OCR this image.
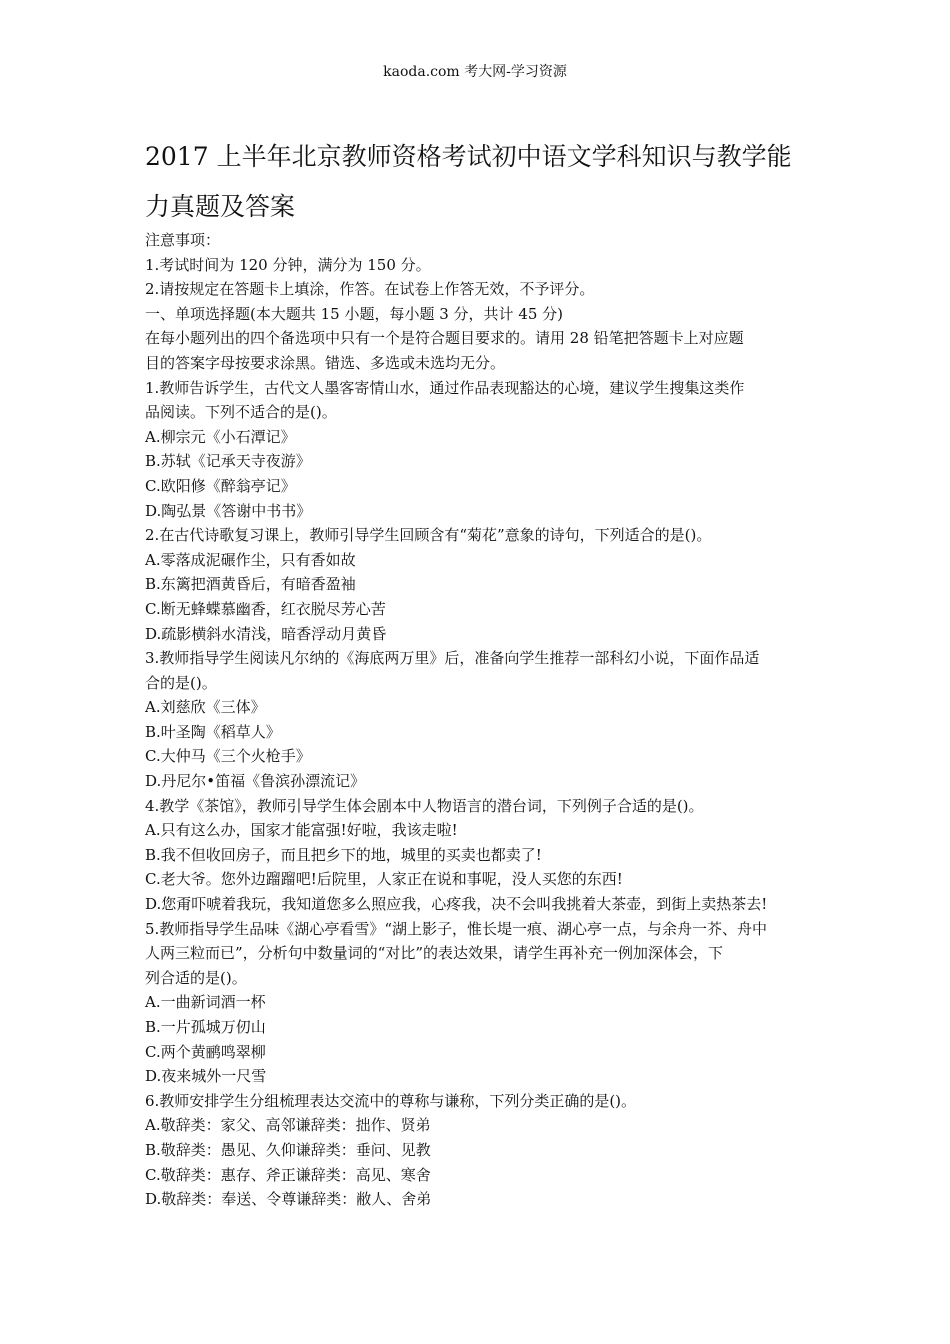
kaoda.com 考大网-学习资源
2017 上半年北京教师资格考试初中语文学科知识与教学能
力真题及答案

注意事项：

1.考试时间为 120 分钟，满分为 150 分。

2.请按规定在答题卡上填涂，作答。在试卷上作答无效，不予评分。

一、单项选择题(本大题共 15 小题，每小题 3 分，共计 45 分)

在每小题列出的四个备选项中只有一个是符合题目要求的。请用 28 铅笔把答题卡上对应题

目的答案字母按要求涂黑。错选、多选或未选均无分。

1.教师告诉学生，古代文人墨客寄情山水，通过作品表现豁达的心境，建议学生搜集这类作

品阅读。下列不适合的是()。

A.柳宗元《小石潭记》

B.苏轼《记承天寺夜游》

C.欧阳修《醉翁亭记》

D.陶弘景《答谢中书书》

2.在古代诗歌复习课上，教师引导学生回顾含有“菊花”意象的诗句，下列适合的是()。

A.零落成泥碾作尘，只有香如故

B.东篱把酒黄昏后，有暗香盈袖

C.断无蜂蝶慕幽香，红衣脱尽芳心苦

D.疏影横斜水清浅，暗香浮动月黄昏

3.教师指导学生阅读凡尔纳的《海底两万里》后，准备向学生推荐一部科幻小说，下面作品适

合的是()。

A.刘慈欣《三体》

B.叶圣陶《稻草人》

C.大仲马《三个火枪手》

D.丹尼尔•笛福《鲁滨孙漂流记》

4.教学《茶馆》，教师引导学生体会剧本中人物语言的潜台词，下列例子合适的是()。

A.只有这么办，国家才能富强!好啦，我该走啦!

B.我不但收回房子，而且把乡下的地，城里的买卖也都卖了!

C.老大爷。您外边蹓蹓吧!后院里，人家正在说和事呢，没人买您的东西!

D.您甭吓唬着我玩，我知道您多么照应我，心疼我，决不会叫我挑着大茶壶，到街上卖热茶去!

5.教师指导学生品味《湖心亭看雪》“湖上影子，惟长堤一痕、湖心亭一点，与余舟一芥、舟中

人两三粒而已”，分析句中数量词的“对比”的表达效果，请学生再补充一例加深体会，下

列合适的是()。

A.一曲新词酒一杯

B.一片孤城万仞山

C.两个黄鹂鸣翠柳

D.夜来城外一尺雪

6.教师安排学生分组梳理表达交流中的尊称与谦称，下列分类正确的是()。

A.敬辞类：家父、高邻谦辞类：拙作、贤弟

B.敬辞类：愚见、久仰谦辞类：垂问、见教

C.敬辞类：惠存、斧正谦辞类：高见、寒舍

D.敬辞类：奉送、令尊谦辞类：敝人、舍弟
